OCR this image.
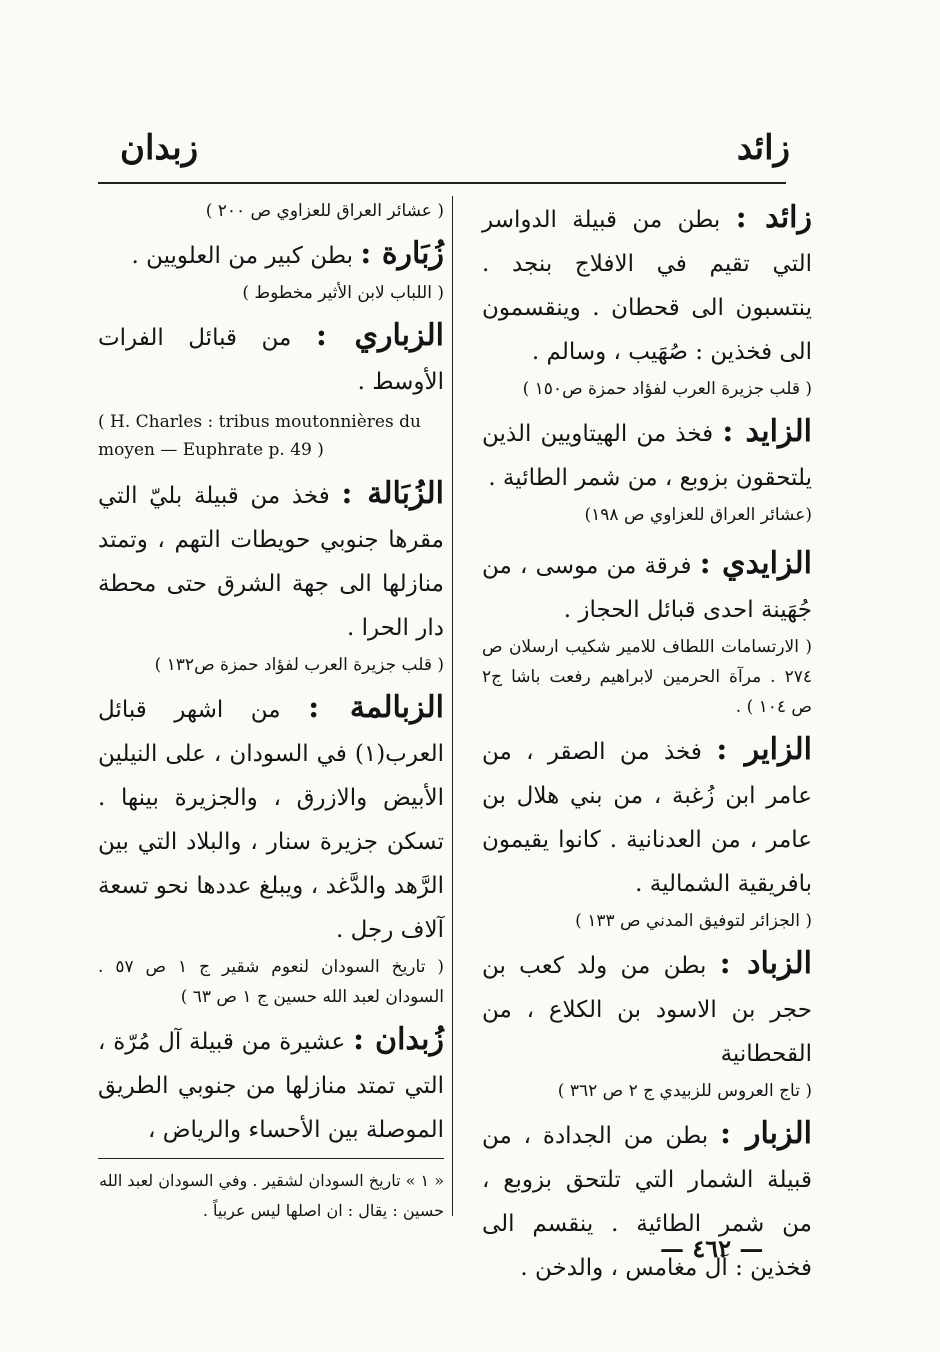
زائد
زبدان

زائد : بطن من قبيلة الدواسر التي تقيم في الافلاج بنجد . ينتسبون الى قحطان . وينقسمون الى فخذين : صُهَيب ، وسالم .

( قلب جزيرة العرب لفؤاد حمزة ص١٥٠ )

الزايد : فخذ من الهيتاويين الذين يلتحقون بزوبع ، من شمر الطائية .

(عشائر العراق للعزاوي ص ١٩٨)

الزايدي : فرقة من موسى ، من جُهَينة احدى قبائل الحجاز .

( الارتسامات اللطاف للامير شكيب ارسلان ص ٢٧٤ . مرآة الحرمين لابراهيم رفعت باشا ج٢ ص ١٠٤ ) .

الزاير : فخذ من الصقر ، من عامر ابن زُغبة ، من بني هلال بن عامر ، من العدنانية . كانوا يقيمون بافريقية الشمالية .

( الجزائر لتوفيق المدني ص ١٣٣ )

الزباد : بطن من ولد كعب بن حجر بن الاسود بن الكلاع ، من القحطانية

( تاج العروس للزبيدي ج ٢ ص ٣٦٢ )

الزبار : بطن من الجدادة ، من قبيلة الشمار التي تلتحق بزوبع ، من شمر الطائية . ينقسم الى فخذين : آل مغامس ، والدخن .

( عشائر العراق للعزاوي ص ٢٠٠ )

زُبَارة : بطن كبير من العلويين .

( اللباب لابن الأثير مخطوط )

الزباري : من قبائل الفرات الأوسط .

( H. Charles : tribus moutonnières du moyen — Euphrate p. 49 )

الزُبَالة : فخذ من قبيلة بليّ التي مقرها جنوبي حويطات التهم ، وتمتد منازلها الى جهة الشرق حتى محطة دار الحرا .

( قلب جزيرة العرب لفؤاد حمزة ص١٣٢ )

الزبالمة : من اشهر قبائل العرب(١) في السودان ، على النيلين الأبيض والازرق ، والجزيرة بينها . تسكن جزيرة سنار ، والبلاد التي بين الرَّهد والدَّغد ، ويبلغ عددها نحو تسعة آلاف رجل .

( تاريخ السودان لنعوم شقير ج ١ ص ٥٧ . السودان لعبد الله حسين ج ١ ص ٦٣ )

زُبدان : عشيرة من قبيلة آل مُرّة ، التي تمتد منازلها من جنوبي الطريق الموصلة بين الأحساء والرياض ،

« ١ » تاريخ السودان لشقير . وفي السودان لعبد الله حسين : يقال : ان اصلها ليس عربياً .
— ٤٦٢ —
